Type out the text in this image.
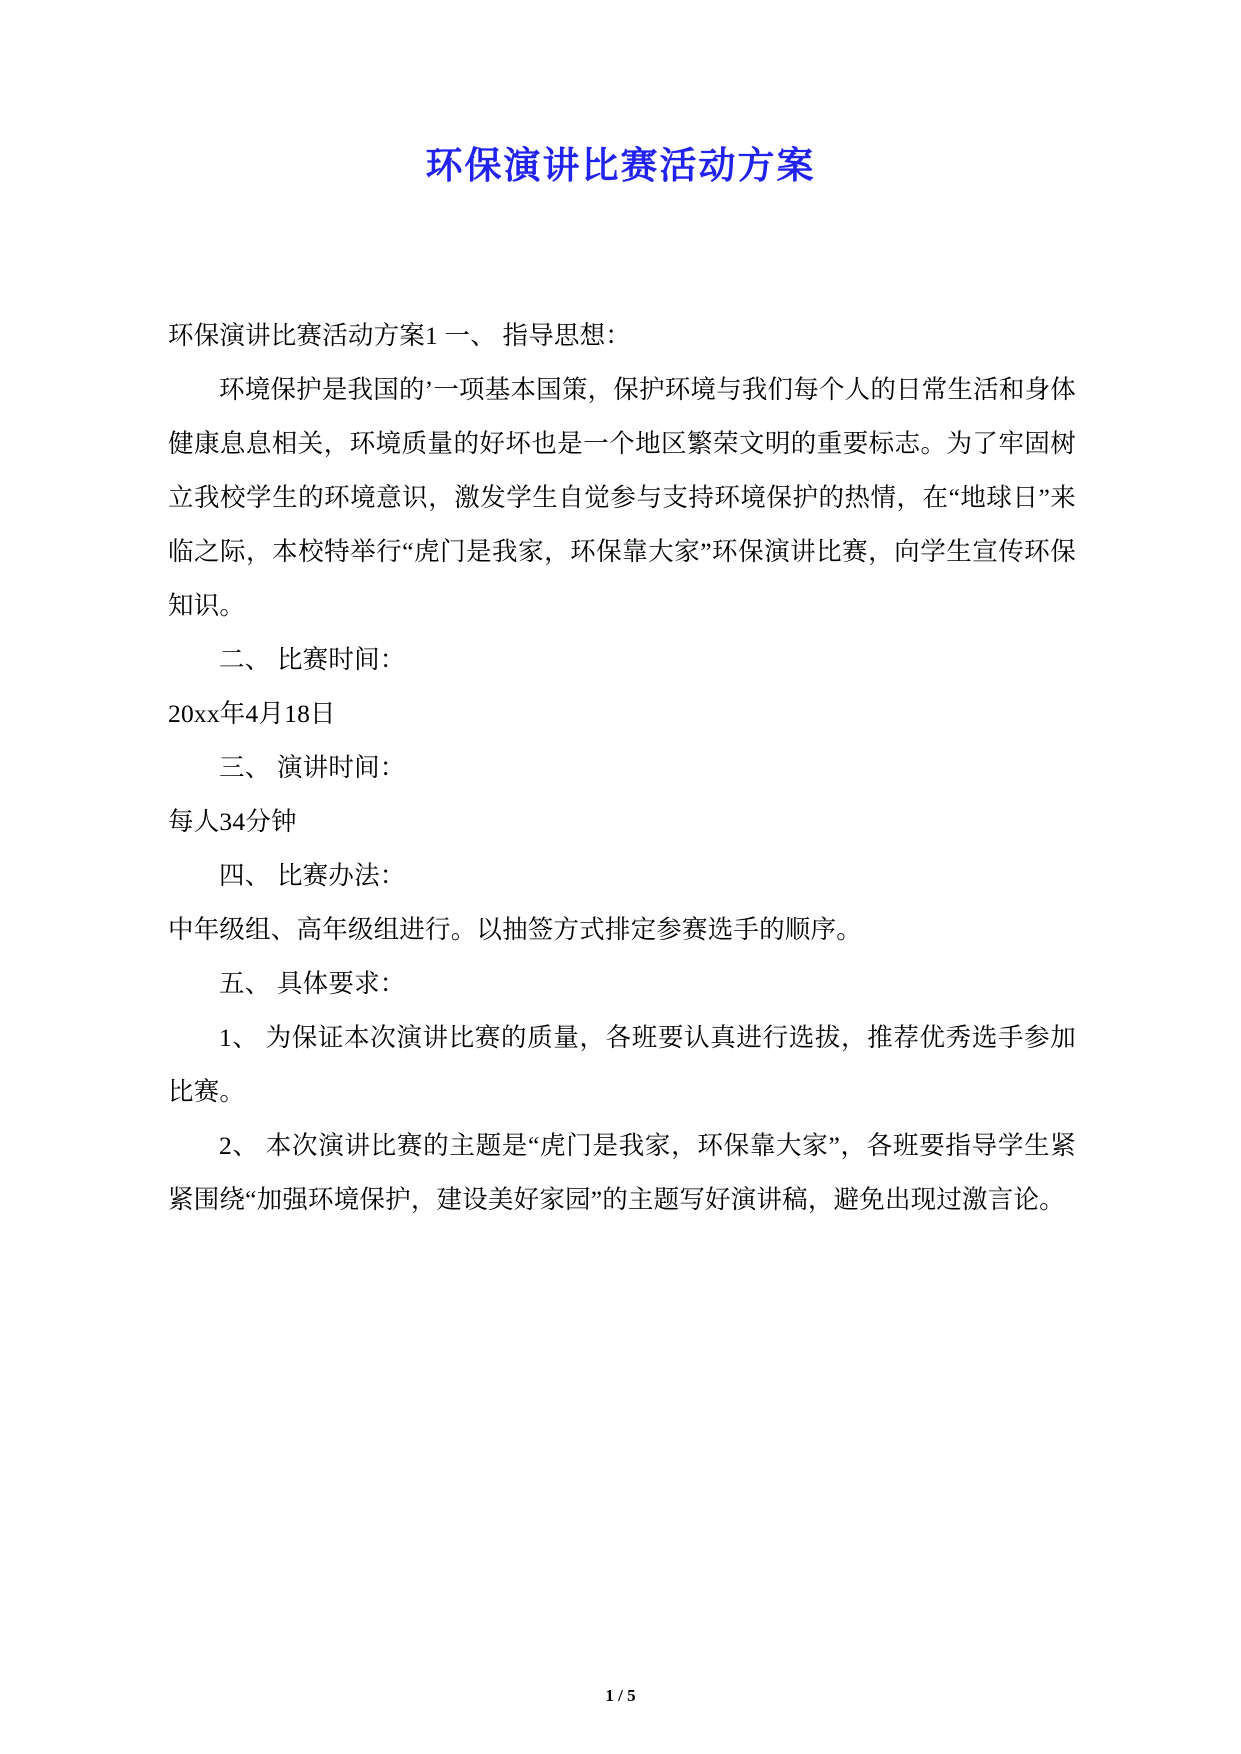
环保演讲比赛活动方案

环保演讲比赛活动方案1 一、 指导思想：

环境保护是我国的’一项基本国策，保护环境与我们每个人的日常生活和身体健康息息相关，环境质量的好坏也是一个地区繁荣文明的重要标志。为了牢固树立我校学生的环境意识，激发学生自觉参与支持环境保护的热情，在“地球日”来临之际，本校特举行“虎门是我家，环保靠大家”环保演讲比赛，向学生宣传环保知识。

二、 比赛时间：

20xx年4月18日

三、 演讲时间：

每人34分钟

四、 比赛办法：

中年级组、高年级组进行。以抽签方式排定参赛选手的顺序。

五、 具体要求：

1、 为保证本次演讲比赛的质量，各班要认真进行选拔，推荐优秀选手参加比赛。

2、 本次演讲比赛的主题是“虎门是我家，环保靠大家”，各班要指导学生紧紧围绕“加强环境保护，建设美好家园”的主题写好演讲稿，避免出现过激言论。

1 / 5
